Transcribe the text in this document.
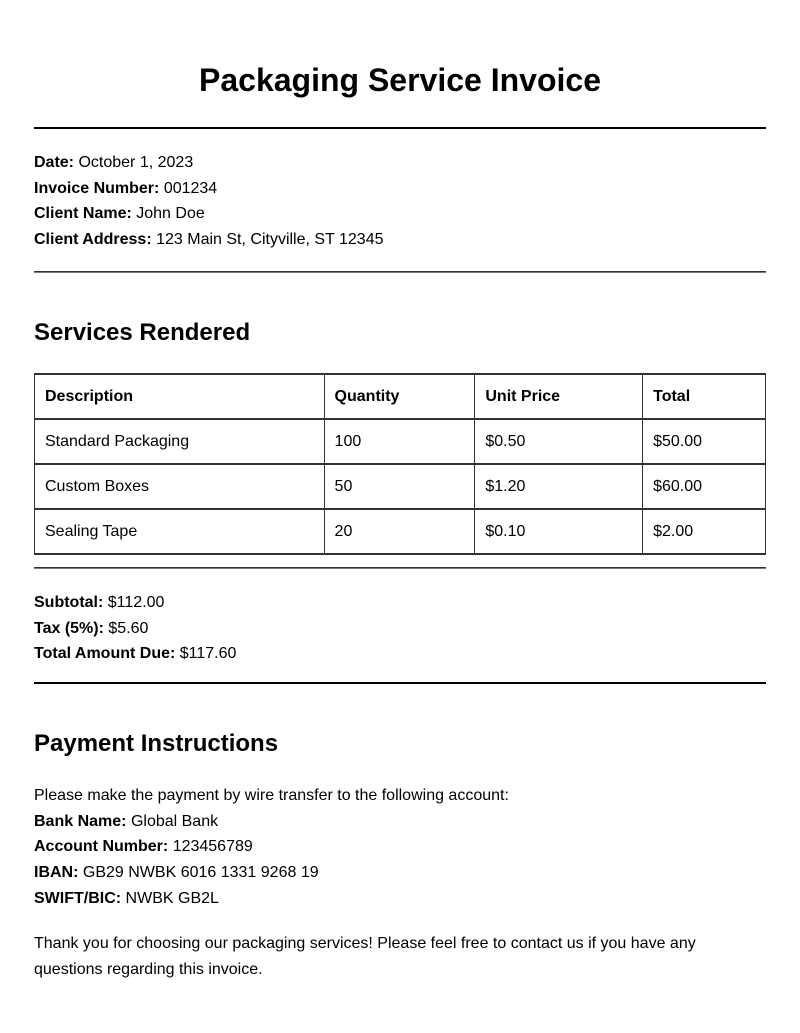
Packaging Service Invoice
Date: October 1, 2023
Invoice Number: 001234
Client Name: John Doe
Client Address: 123 Main St, Cityville, ST 12345
Services Rendered
Description	Quantity	Unit Price	Total
Standard Packaging	100	$0.50	$50.00
Custom Boxes	50	$1.20	$60.00
Sealing Tape	20	$0.10	$2.00
Subtotal: $112.00
Tax (5%): $5.60
Total Amount Due: $117.60
Payment Instructions
Please make the payment by wire transfer to the following account:
Bank Name: Global Bank
Account Number: 123456789
IBAN: GB29 NWBK 6016 1331 9268 19
SWIFT/BIC: NWBK GB2L
Thank you for choosing our packaging services! Please feel free to contact us if you have any questions regarding this invoice.
